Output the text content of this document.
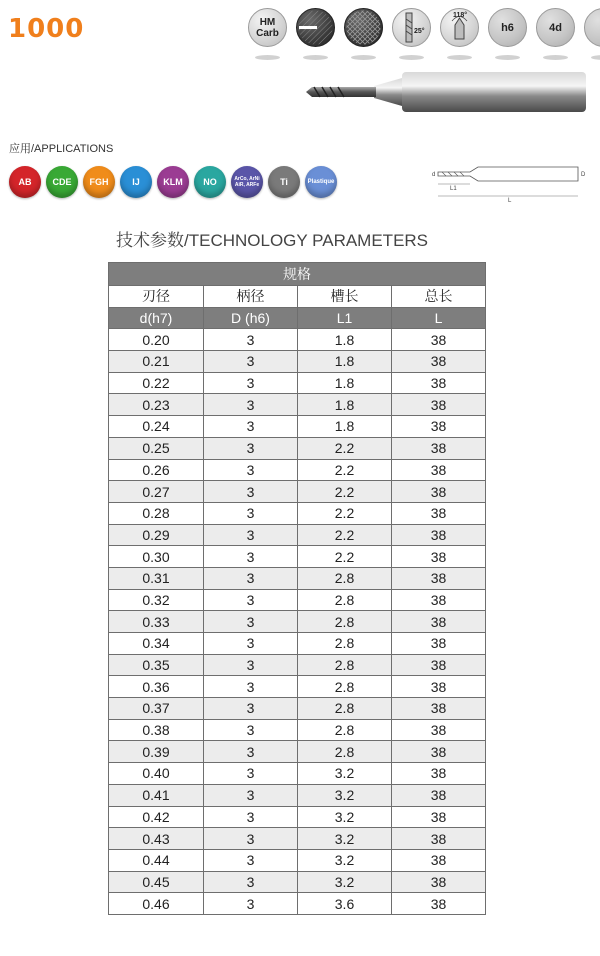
1000	HM
Carb	25°
118°
h6	4d
应用/APPLICATIONS
AB CDE FGH	IJ	KLM NO	ArCo, ArNi AiR, ARFe	Ti	Plastique
d	D
L1
L
技术参数/TECHNOLOGY PARAMETERS
规格			
刃径	柄径	槽长	总长
d(h7)	D (h6)	L1	L
0.20	3	1.8	38
0.21	3	1.8	38
0.22	3	1.8	38
0.23	3	1.8	38
0.24	3	1.8	38
0.25	3	2.2	38
0.26	3	2.2	38
0.27	3	2.2	38
0.28	3	2.2	38
0.29	3	2.2	38
0.30	3	2.2	38
0.31	3	2.8	38
0.32	3	2.8	38
0.33	3	2.8	38
0.34	3	2.8	38
0.35	3	2.8	38
0.36	3	2.8	38
0.37	3	2.8	38
0.38	3	2.8	38
0.39	3	2.8	38
0.40	3	3.2	38
0.41	3	3.2	38
0.42	3	3.2	38
0.43	3	3.2	38
0.44	3	3.2	38
0.45	3	3.2	38
0.46	3	3.6	38
